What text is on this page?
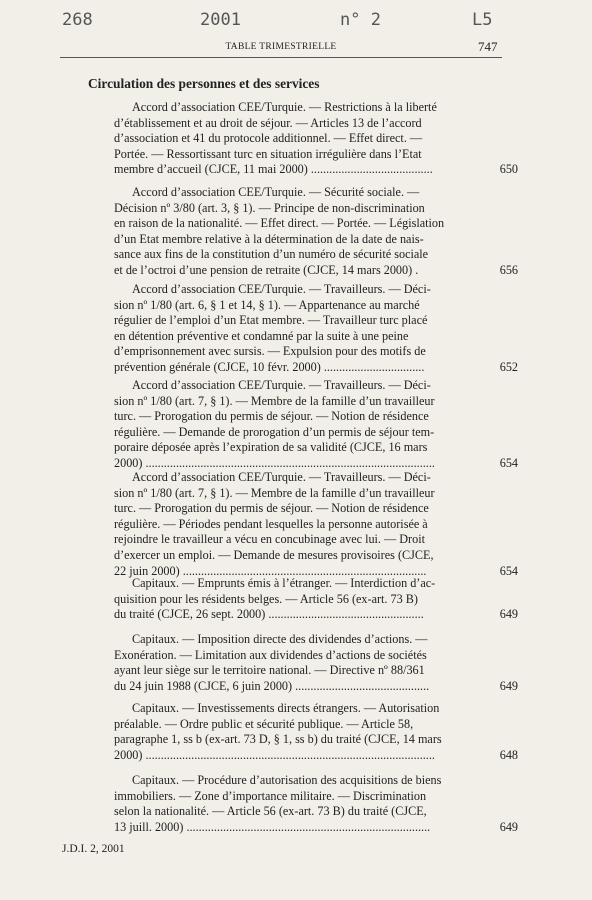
268	2001	n° 2	L5
TABLE TRIMESTRIELLE	747
Circulation des personnes et des services
Accord d’association CEE/Turquie. — Restrictions à la liberté
d’établissement et au droit de séjour. — Articles 13 de l’accord
d’association et 41 du protocole additionnel. — Effet direct. —
Portée. — Ressortissant turc en situation irrégulière dans l’Etat
membre d’accueil (CJCE, 11 mai 2000) ........................................	650
Accord d’association CEE/Turquie. — Sécurité sociale. —
Décision nº 3/80 (art. 3, § 1). — Principe de non-discrimination
en raison de la nationalité. — Effet direct. — Portée. — Législation
d’un Etat membre relative à la détermination de la date de nais-
sance aux fins de la constitution d’un numéro de sécurité sociale
et de l’octroi d’une pension de retraite (CJCE, 14 mars 2000) .	656
Accord d’association CEE/Turquie. — Travailleurs. — Déci-
sion nº 1/80 (art. 6, § 1 et 14, § 1). — Appartenance au marché
régulier de l’emploi d’un Etat membre. — Travailleur turc placé
en détention préventive et condamné par la suite à une peine
d’emprisonnement avec sursis. — Expulsion pour des motifs de
prévention générale (CJCE, 10 févr. 2000) .................................	652
Accord d’association CEE/Turquie. — Travailleurs. — Déci-
sion nº 1/80 (art. 7, § 1). — Membre de la famille d’un travailleur
turc. — Prorogation du permis de séjour. — Notion de résidence
régulière. — Demande de prorogation d’un permis de séjour tem-
poraire déposée après l’expiration de sa validité (CJCE, 16 mars
2000) ...............................................................................................	654
Accord d’association CEE/Turquie. — Travailleurs. — Déci-
sion nº 1/80 (art. 7, § 1). — Membre de la famille d’un travailleur
turc. — Prorogation du permis de séjour. — Notion de résidence
régulière. — Périodes pendant lesquelles la personne autorisée à
rejoindre le travailleur a vécu en concubinage avec lui. — Droit
d’exercer un emploi. — Demande de mesures provisoires (CJCE,
22 juin 2000) ................................................................................	654
Capitaux. — Emprunts émis à l’étranger. — Interdiction d’ac-
quisition pour les résidents belges. — Article 56 (ex-art. 73 B)
du traité (CJCE, 26 sept. 2000) ...................................................	649
Capitaux. — Imposition directe des dividendes d’actions. —
Exonération. — Limitation aux dividendes d’actions de sociétés
ayant leur siège sur le territoire national. — Directive nº 88/361
du 24 juin 1988 (CJCE, 6 juin 2000) ............................................	649
Capitaux. — Investissements directs étrangers. — Autorisation
préalable. — Ordre public et sécurité publique. — Article 58,
paragraphe 1, ss b (ex-art. 73 D, § 1, ss b) du traité (CJCE, 14 mars
2000) ...............................................................................................	648
Capitaux. — Procédure d’autorisation des acquisitions de biens
immobiliers. — Zone d’importance militaire. — Discrimination
selon la nationalité. — Article 56 (ex-art. 73 B) du traité (CJCE,
13 juill. 2000) ................................................................................	649
J.D.I. 2, 2001
